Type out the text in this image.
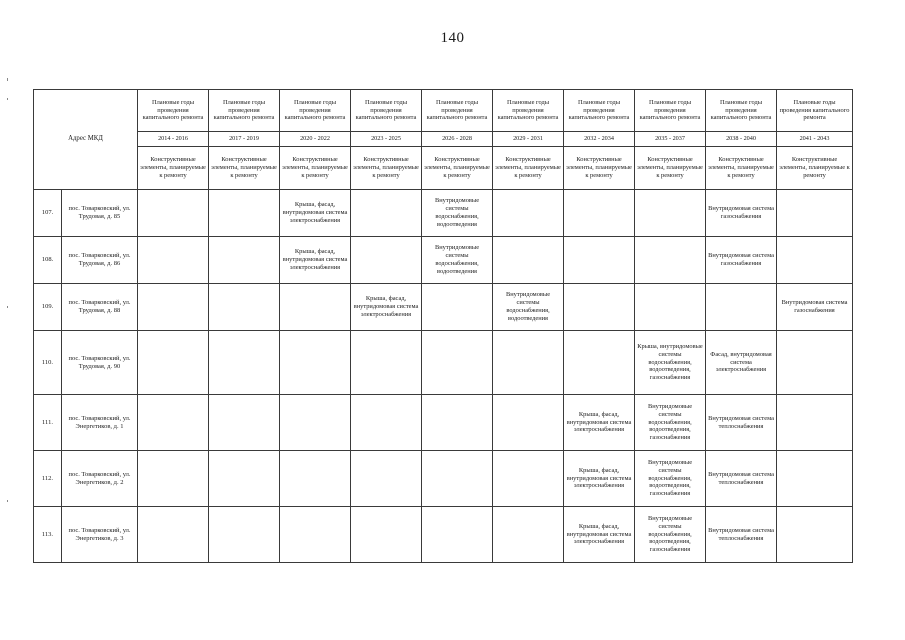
140
Адрес МКД		Плановые годы проведения капитального ремонта	Плановые годы проведения капитального ремонта	Плановые годы проведения капитального ремонта	Плановые годы проведения капитального ремонта	Плановые годы проведения капитального ремонта	Плановые годы проведения капитального ремонта	Плановые годы проведения капитального ремонта	Плановые годы проведения капитального ремонта	Плановые годы проведения капитального ремонта	Плановые годы проведения капитального ремонта
		2014 - 2016	2017 - 2019	2020 - 2022	2023 - 2025	2026 - 2028	2029 - 2031	2032 - 2034	2035 - 2037	2038 - 2040	2041 - 2043
		Конструктивные элементы, планируемые к ремонту	Конструктивные элементы, планируемые к ремонту	Конструктивные элементы, планируемые к ремонту	Конструктивные элементы, планируемые к ремонту	Конструктивные элементы, планируемые к ремонту	Конструктивные элементы, планируемые к ремонту	Конструктивные элементы, планируемые к ремонту	Конструктивные элементы, планируемые к ремонту	Конструктивные элементы, планируемые к ремонту	Конструктивные элементы, планируемые к ремонту
107.	пос. Товарковский, ул. Трудовая, д. 85			Крыша, фасад, внутридомовая система электроснабжения		Внутридомовые системы водоснабжения, водоотведения				Внутридомовая система газоснабжения	
108.	пос. Товарковский, ул. Трудовая, д. 86			Крыша, фасад, внутридомовая система электроснабжения		Внутридомовые системы водоснабжения, водоотведения				Внутридомовая система газоснабжения	
109.	пос. Товарковский, ул. Трудовая, д. 88				Крыша, фасад, внутридомовая система электроснабжения		Внутридомовые системы водоснабжения, водоотведения				Внутридомовая система газоснабжения
110.	пос. Товарковский, ул. Трудовая, д. 90								Крыша, внутридомовые системы водоснабжения, водоотведения, газоснабжения	Фасад, внутридомовая система электроснабжения	
111.	пос. Товарковский, ул. Энергетиков, д. 1							Крыша, фасад, внутридомовая система электроснабжения	Внутридомовые системы водоснабжения, водоотведения, газоснабжения	Внутридомовая система теплоснабжения	
112.	пос. Товарковский, ул. Энергетиков, д. 2							Крыша, фасад, внутридомовая система электроснабжения	Внутридомовые системы водоснабжения, водоотведения, газоснабжения	Внутридомовая система теплоснабжения	
113.	пос. Товарковский, ул. Энергетиков, д. 3							Крыша, фасад, внутридомовая система электроснабжения	Внутридомовые системы водоснабжения, водоотведения, газоснабжения	Внутридомовая система теплоснабжения	
